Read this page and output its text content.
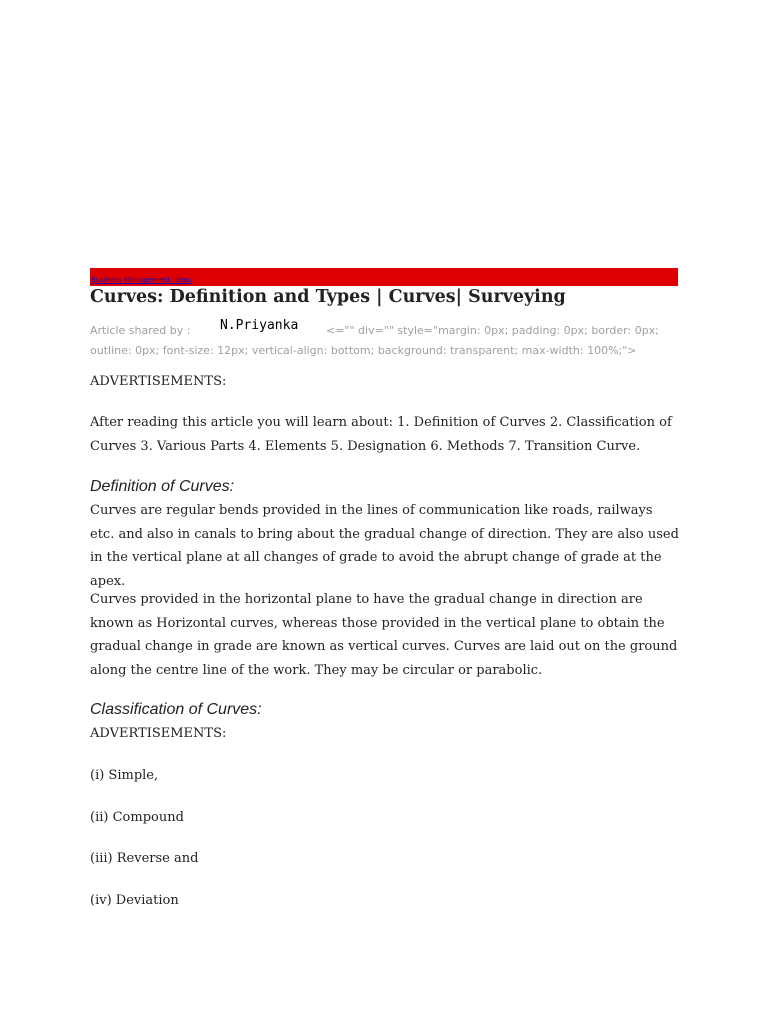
Business Management Ideas
Curves: Definition and Types | Curves| Surveying
Article shared by :	<="" div="" style="margin: 0px; padding: 0px; border: 0px; outline: 0px; font-size: 12px; vertical-align: bottom; background: transparent; max-width: 100%;">
N.Priyanka

ADVERTISEMENTS:

After reading this article you will learn about: 1. Definition of Curves 2. Classification of Curves 3. Various Parts 4. Elements 5. Designation 6. Methods 7. Transition Curve.

Definition of Curves:

Curves are regular bends provided in the lines of communication like roads, railways etc. and also in canals to bring about the gradual change of direction. They are also used in the vertical plane at all changes of grade to avoid the abrupt change of grade at the apex.

Curves provided in the horizontal plane to have the gradual change in direction are known as Horizontal curves, whereas those provided in the vertical plane to obtain the gradual change in grade are known as vertical curves. Curves are laid out on the ground along the centre line of the work. They may be circular or parabolic.

Classification of Curves:

ADVERTISEMENTS:

(i) Simple,
(ii) Compound
(iii) Reverse and
(iv) Deviation
